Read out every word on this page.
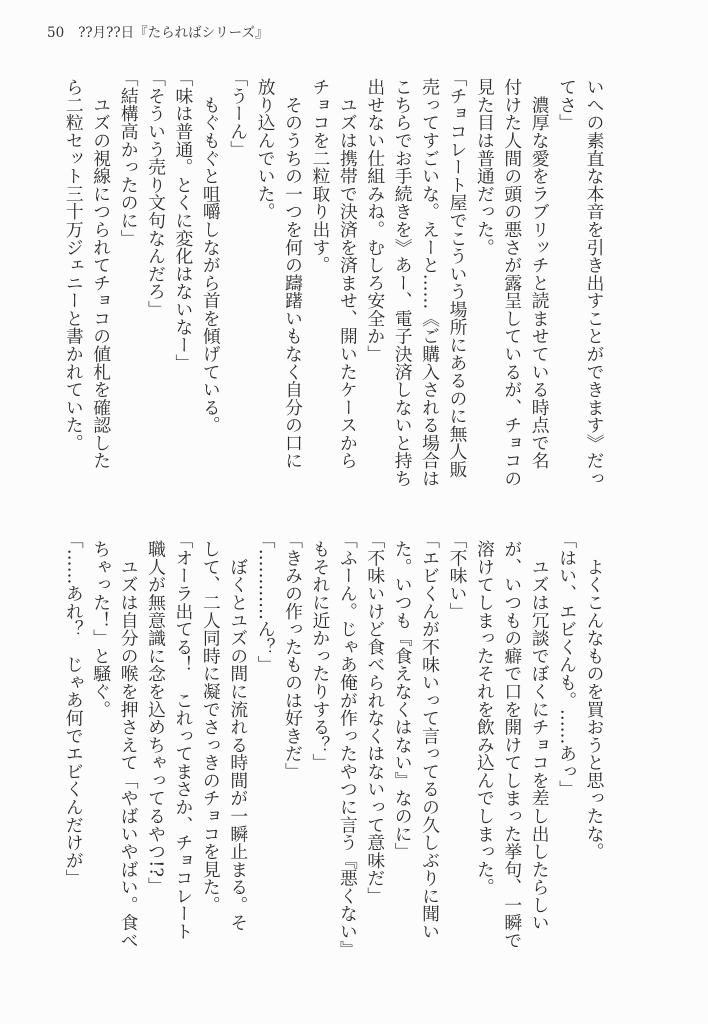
50 ??月??日『たらればシリーズ』
いへの素直な本音を引き出すことができます》だっ
てさ」
　濃厚な愛をラブリッチと読ませている時点で名
付けた人間の頭の悪さが露呈しているが、チョコの
見た目は普通だった。
「チョコレート屋でこういう場所にあるのに無人販
売ってすごいな。えーと……《ご購入される場合は
こちらでお手続きを》あー、電子決済しないと持ち
出せない仕組みね。むしろ安全か」
　ユズは携帯で決済を済ませ、開いたケースから
チョコを二粒取り出す。
　そのうちの一つを何の躊躇いもなく自分の口に
放り込んでいた。
「うーん」
　もぐもぐと咀嚼しながら首を傾げている。
「味は普通。とくに変化はないなー」
「そういう売り文句なんだろ」
「結構高かったのに」
　ユズの視線につられてチョコの値札を確認した
ら二粒セット三十万ジェニーと書かれていた。
　よくこんなものを買おうと思ったな。
「はい、エビくんも。……あっ」
　ユズは冗談でぼくにチョコを差し出したらしい
が、いつもの癖で口を開けてしまった挙句、一瞬で
溶けてしまったそれを飲み込んでしまった。
「不味い」
「エビくんが不味いって言ってるの久しぶりに聞い
た。いつも『食えなくはない』なのに」
「不味いけど食べられなくはないって意味だ」
「ふーん。じゃあ俺が作ったやつに言う『悪くない』
もそれに近かったりする？」
「きみの作ったものは好きだ」
「…………ん？」
　ぼくとユズの間に流れる時間が一瞬止まる。そ
して、二人同時に凝でさっきのチョコを見た。
「オーラ出てる！　これってまさか、チョコレート
職人が無意識に念を込めちゃってるやつ!?」
　ユズは自分の喉を押さえて「やばいやばい。食べ
ちゃった！」と騒ぐ。
「……あれ？　じゃあ何でエビくんだけが」
